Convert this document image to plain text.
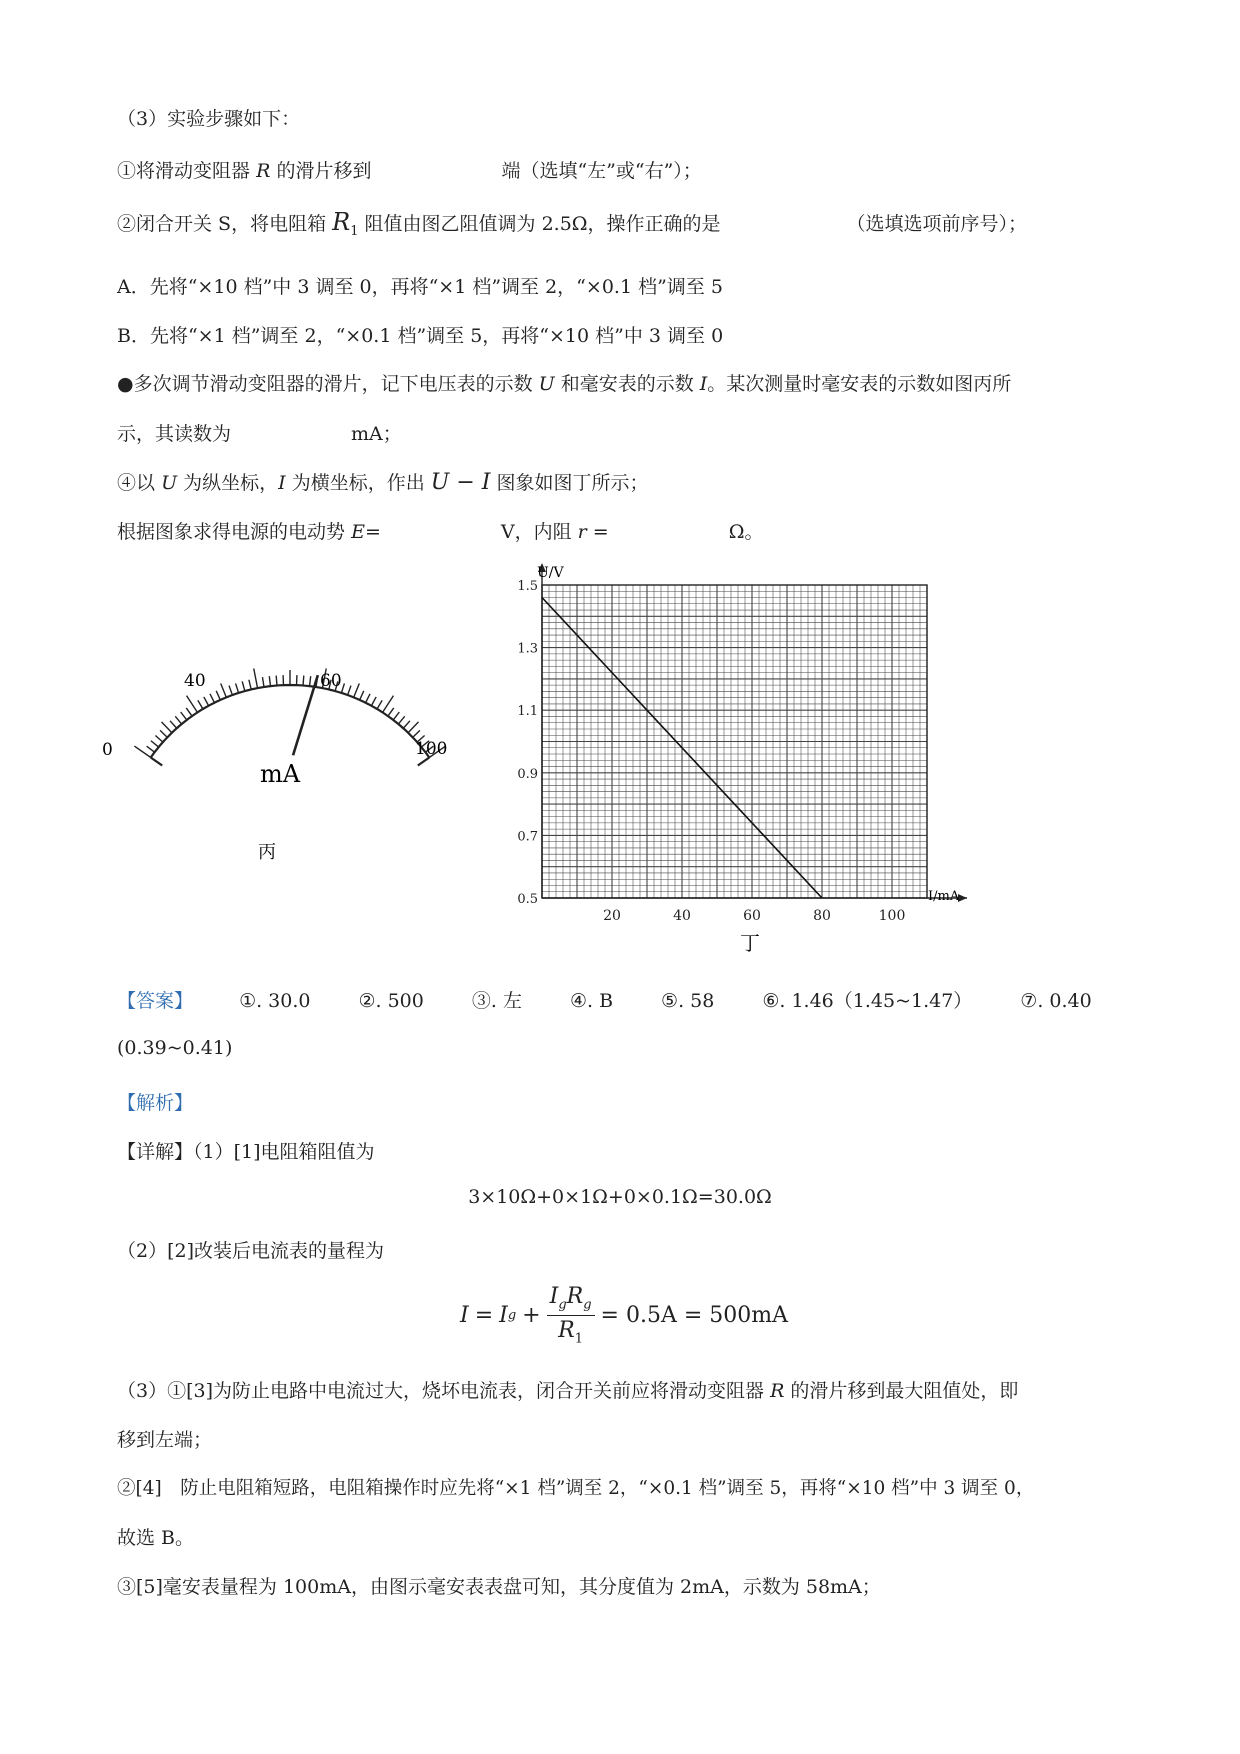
（3）实验步骤如下：
①将滑动变阻器 R 的滑片移到	端（选填“左”或“右”）；
②闭合开关 S，将电阻箱 $R_1$ 阻值由图乙阻值调为 2.5Ω，操作正确的是	（选填选项前序号）；
A．先将“×10 档”中 3 调至 0，再将“×1 档”调至 2，“×0.1 档”调至 5
B．先将“×1 档”调至 2，“×0.1 档”调至 5，再将“×10 档”中 3 调至 0
●多次调节滑动变阻器的滑片，记下电压表的示数 U 和毫安表的示数 I。某次测量时毫安表的示数如图丙所
示，其读数为	mA；
④以 U 为纵坐标，I 为横坐标，作出 U − I 图象如图丁所示；
根据图象求得电源的电动势 E=	V，内阻 r =	Ω。
40	60
0	100
mA
丙
20	40	60	80	100
0.5
0.7
0.9
1.1
1.3
1.5
U/V
I/mA
丁
【答案】 ①. 30.0	②. 500	③. 左	④. B	⑤. 58	⑥. 1.46（1.45~1.47）	⑦. 0.40
(0.39~0.41)
【解析】
【详解】（1）[1]电阻箱阻值为
3×10Ω+0×1Ω+0×0.1Ω=30.0Ω
（2）[2]改装后电流表的量程为
I = I g +
$I_gR_g$
$R_1$
= 0.5A = 500mA
（3）①[3]为防止电路中电流过大，烧坏电流表，闭合开关前应将滑动变阻器 R 的滑片移到最大阻值处，即
移到左端；
②[4]　防止电阻箱短路，电阻箱操作时应先将“×1 档”调至 2，“×0.1 档”调至 5，再将“×10 档”中 3 调至 0，
故选 B。
③[5]毫安表量程为 100mA，由图示毫安表表盘可知，其分度值为 2mA，示数为 58mA；
